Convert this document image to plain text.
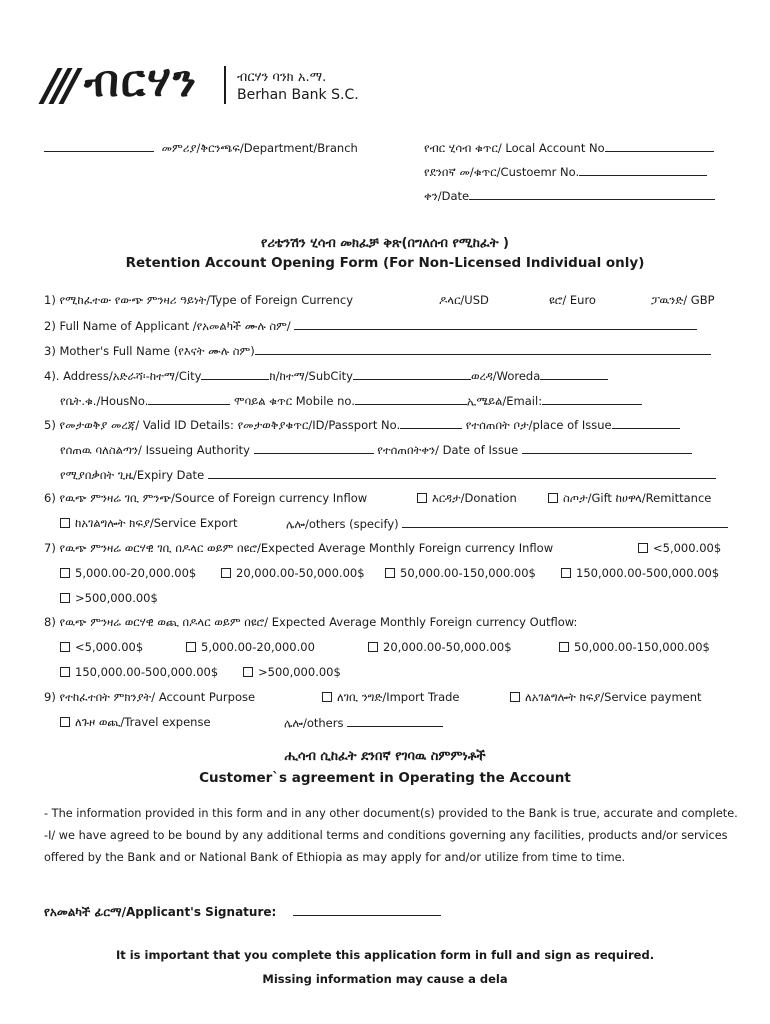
ብርሃን	ብርሃን ባንክ አ.ማ.
Berhan Bank S.C.
መምሪያ/ቅርንጫፍ/Department/Branch	የብር ሂሳብ ቁጥር/ Local Account No
የደንበኛ መ/ቁጥር/Custoemr No.
ቀን/Date
የሪቴንሽን ሂሳብ መክፈቻ ቅጽ(በግለሰብ የሚከፈት )
Retention Account Opening Form (For Non-Licensed Individual only)
1) የሚከፈተው የውጭ ምንዛሪ ዓይነት/Type of Foreign Currency	ዶላር/USD	ዩሮ/ Euro	ፓዉንድ/ GBP
2) Full Name of Applicant /የአመልካች ሙሉ ስም/
3) Mother's Full Name (የእናት ሙሉ ስም)
4). Address/አድራሻ፡-ከተማ/City	ክ/ከተማ/SubCity	ወረዳ/Woreda
የቤት.ቁ./HousNo.	ሞባይል ቁጥር Mobile no.	ኢሜይል/Email:
5) የመታወቅያ መረጃ/ Valid ID Details: የመታወቅያቁጥር/ID/Passport No.	የተሰጠበት ቦታ/place of Issue
የሰጠዉ ባለስልጣን/ Issueing Authority	የተሰጠበትቀን/ Date of Issue
የሚያበቃበት ጊዜ/Expiry Date
6) የዉጭ ምንዛሬ ገቢ ምንጭ/Source of Foreign currency Inflow	እርዳታ/Donation	ስጦታ/Gift ከሀዋላ/Remittance
ከአገልግሎት ክፍያ/Service Export	ሌሎ/others (specify)
7) የዉጭ ምንዛሬ ወርሃዊ ገቢ በዶላር ወይም በዩሮ/Expected Average Monthly Foreign currency Inflow	<5,000.00$
5,000.00-20,000.00$	20,000.00-50,000.00$	50,000.00-150,000.00$	150,000.00-500,000.00$
>500,000.00$
8) የዉጭ ምንዛሬ ወርሃዊ ወጪ በዶላር ወይም በዩሮ/ Expected Average Monthly Foreign currency Outflow:
<5,000.00$	5,000.00-20,000.00	20,000.00-50,000.00$	50,000.00-150,000.00$
150,000.00-500,000.00$	>500,000.00$
9) የተከፈተበት ምክንያት/ Account Purpose	ለገቢ ንግድ/Import Trade	ለአገልግሎት ክፍያ/Service payment
ለጉዞ ወጪ/Travel expense	ሌሎ/others
ሒሳብ ሲከፈት ደንበኛ የገባዉ ስምምነቶች
Customer`s agreement in Operating the Account
- The information provided in this form and in any other document(s) provided to the Bank is true, accurate and complete.
-I/ we have agreed to be bound by any additional terms and conditions governing any facilities, products and/or services
offered by the Bank and or National Bank of Ethiopia as may apply for and/or utilize from time to time.
የአመልካች ፊርማ/Applicant's Signature:
It is important that you complete this application form in full and sign as required.
Missing information may cause a dela
